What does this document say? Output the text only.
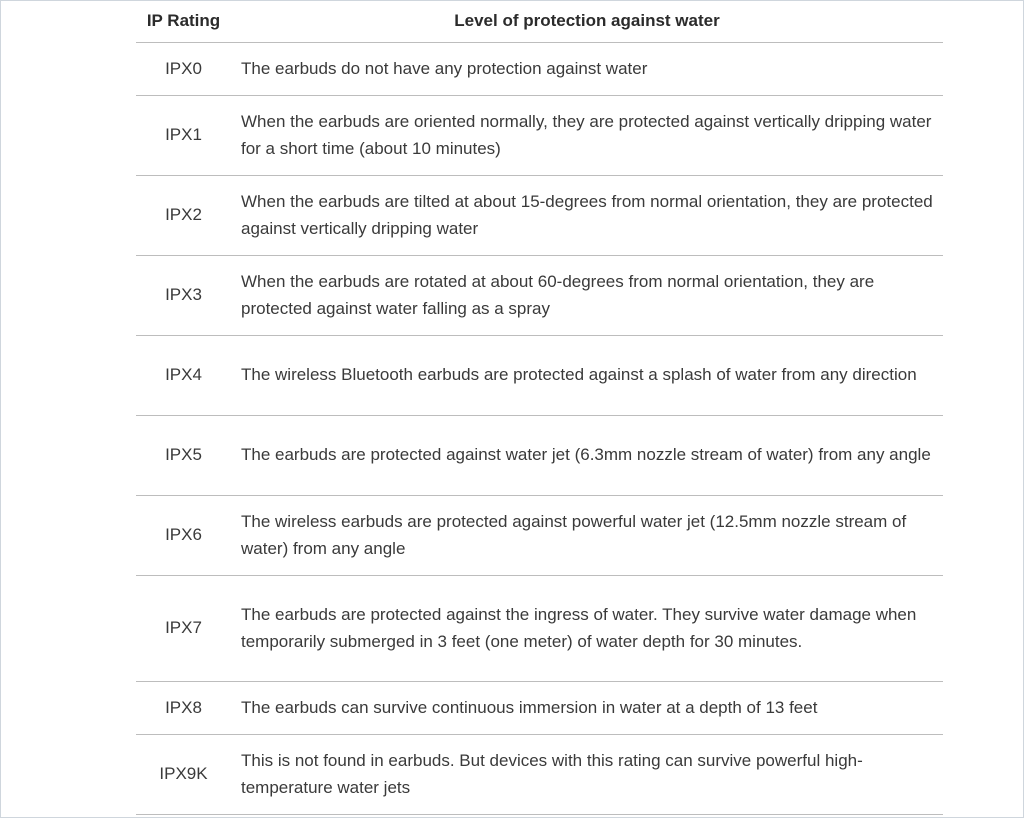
IP Rating	Level of protection against water
IPX0	The earbuds do not have any protection against water
IPX1	When the earbuds are oriented normally, they are protected against vertically dripping water for a short time (about 10 minutes)
IPX2	When the earbuds are tilted at about 15-degrees from normal orientation, they are protected against vertically dripping water
IPX3	When the earbuds are rotated at about 60-degrees from normal orientation, they are protected against water falling as a spray
IPX4	The wireless Bluetooth earbuds are protected against a splash of water from any direction
IPX5	The earbuds are protected against water jet (6.3mm nozzle stream of water) from any angle
IPX6	The wireless earbuds are protected against powerful water jet (12.5mm nozzle stream of water) from any angle
IPX7	The earbuds are protected against the ingress of water. They survive water damage when temporarily submerged in 3 feet (one meter) of water depth for 30 minutes.
IPX8	The earbuds can survive continuous immersion in water at a depth of 13 feet
IPX9K	This is not found in earbuds. But devices with this rating can survive powerful high-temperature water jets
